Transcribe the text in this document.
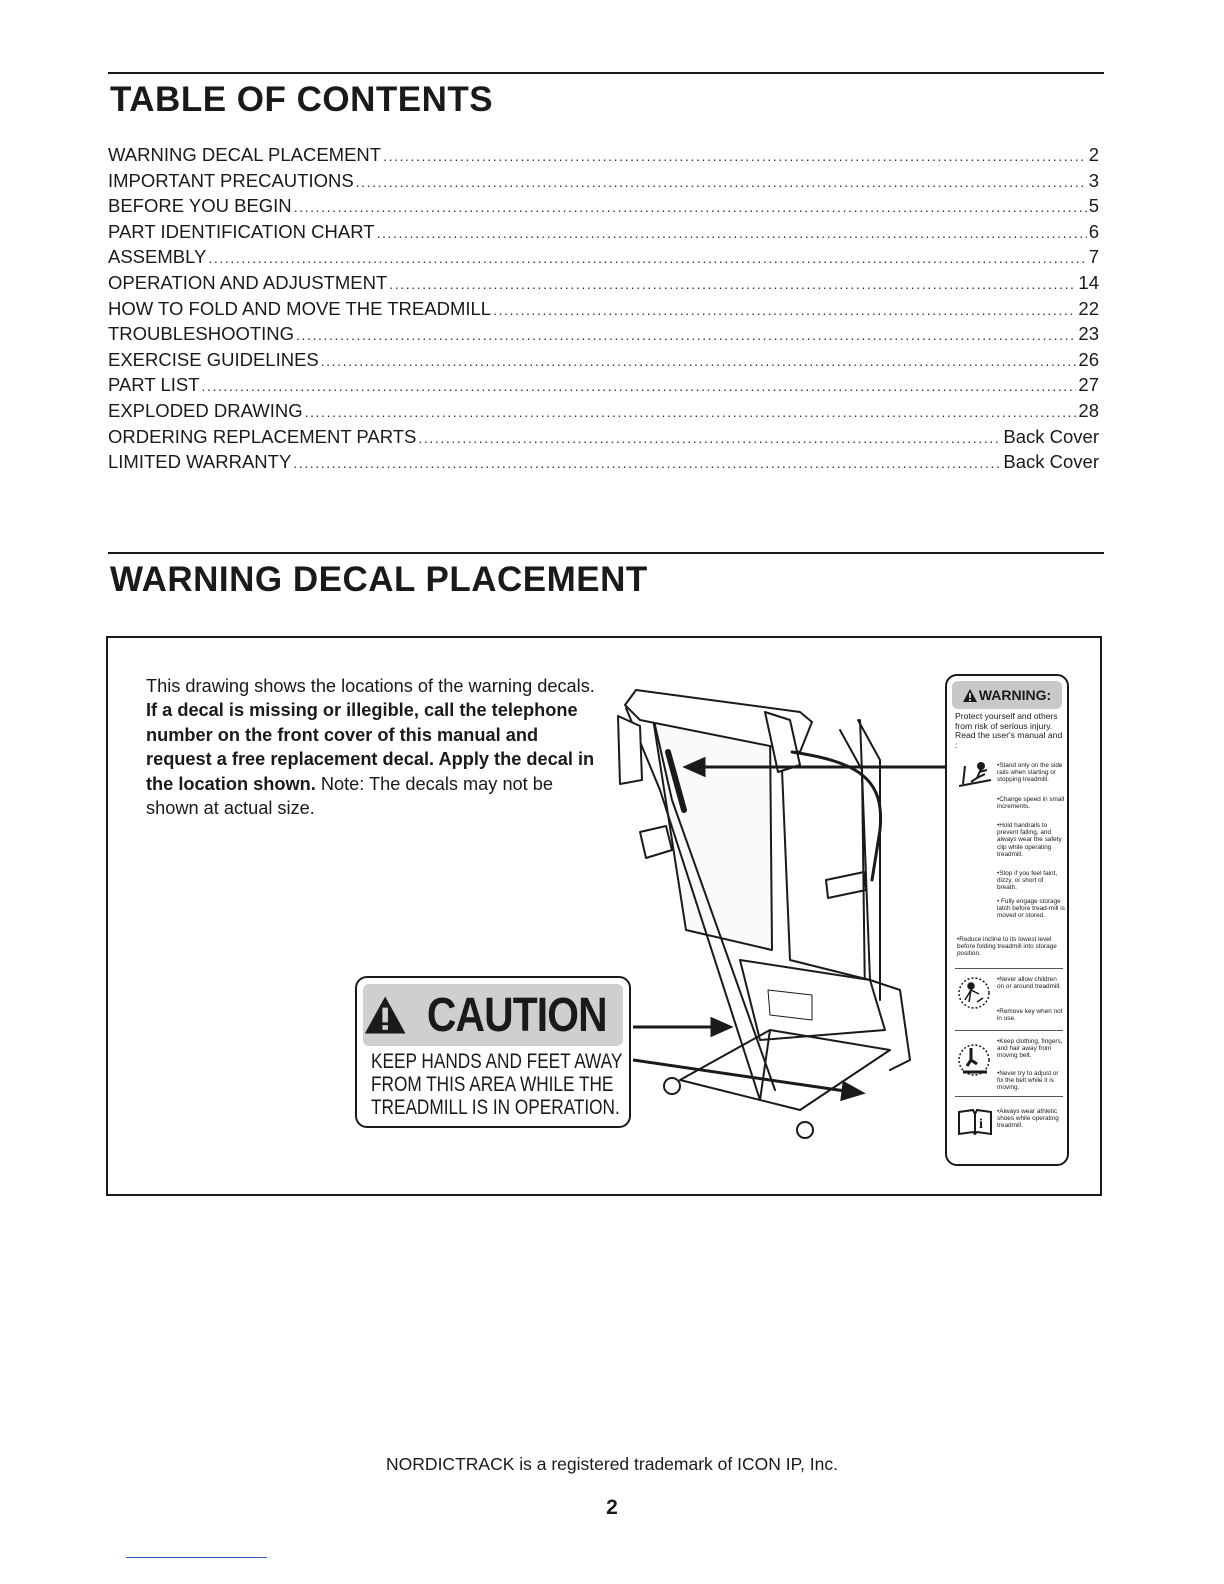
TABLE OF CONTENTS
WARNING DECAL PLACEMENT .....	2
IMPORTANT PRECAUTIONS .....	3
BEFORE YOU BEGIN .....	5
PART IDENTIFICATION CHART .....	6
ASSEMBLY .....	7
OPERATION AND ADJUSTMENT .....	14
HOW TO FOLD AND MOVE THE TREADMILL .....	22
TROUBLESHOOTING .....	23
EXERCISE GUIDELINES .....	26
PART LIST .....	27
EXPLODED DRAWING .....	28
ORDERING REPLACEMENT PARTS .....	Back Cover
LIMITED WARRANTY .....	Back Cover
WARNING DECAL PLACEMENT

This drawing shows the locations of the warning decals. If a decal is missing or illegible, call the telephone number on the front cover of this manual and request a free replacement decal. Apply the decal in the location shown. Note: The decals may not be shown at actual size.

CAUTION
KEEP HANDS AND FEET AWAY
FROM THIS AREA WHILE THE
TREADMILL IS IN OPERATION.
WARNING:

Protect yourself and others from risk of serious injury. Read the user's manual and :

•Stand only on the side rails when starting or stopping treadmill.
•Change speed in small increments.
•Hold handrails to prevent falling, and always wear the safety clip while operating treadmill.
•Stop if you feel faint, dizzy, or short of breath.
• Fully engage storage latch before tread-mill is moved or stored.
•Reduce incline to its lowest level before folding treadmill into storage position.
•Never allow children on or around treadmill.
•Remove key when not in use.
•Keep clothing, fingers, and hair away from moving belt.
•Never try to adjust or fix the belt while it is moving.
i
•Always wear athletic shoes while operating treadmill.
NORDICTRACK is a registered trademark of ICON IP, Inc.
2
